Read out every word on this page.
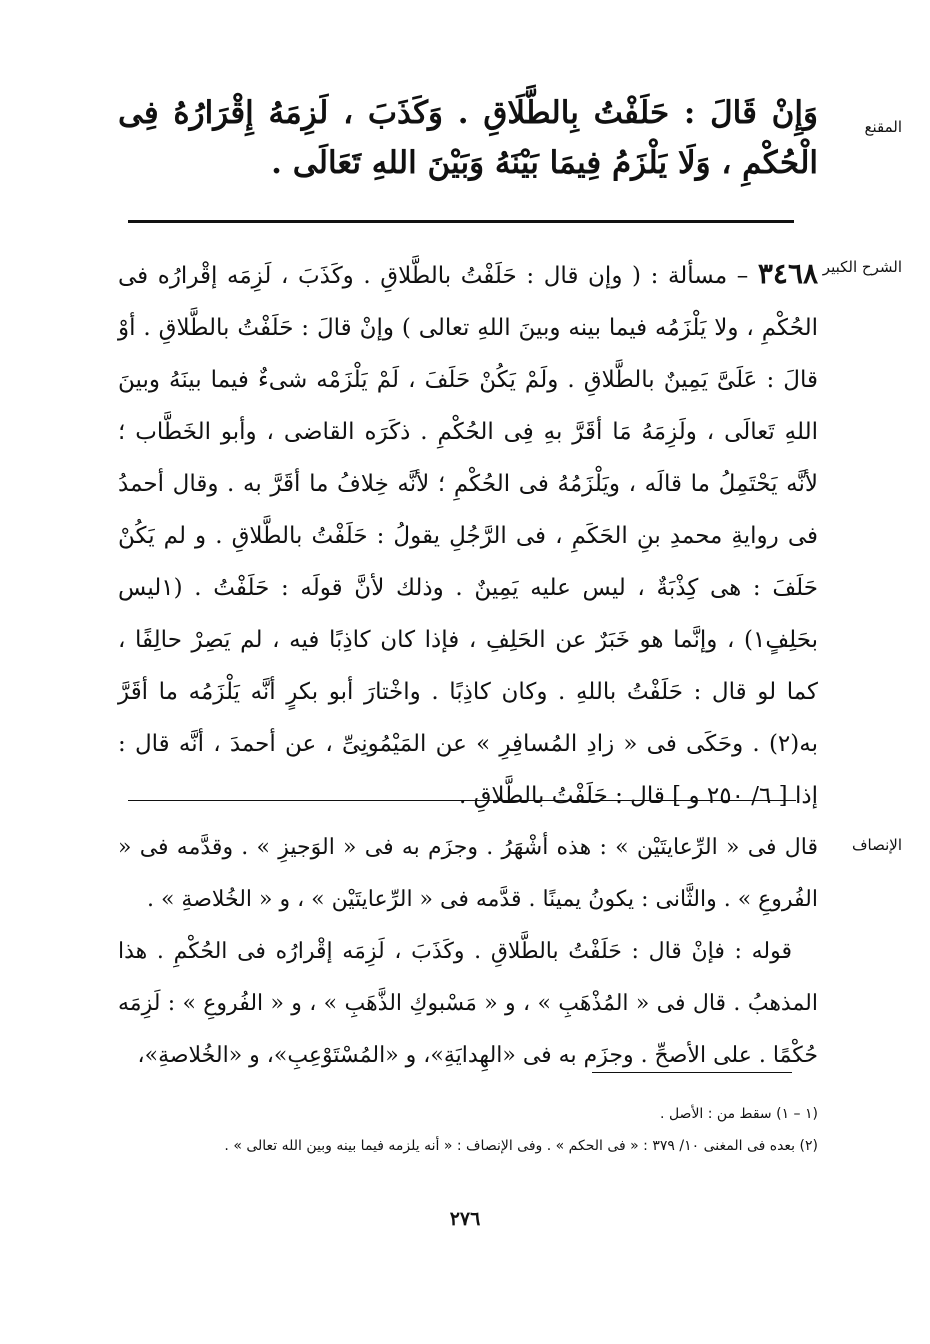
المقنع

وَإِنْ قَالَ : حَلَفْتُ بِالطَّلَاقِ . وَكَذَبَ ، لَزِمَهُ إِقْرَارُهُ فِى الْحُكْمِ ، وَلَا يَلْزَمُ فِيمَا بَيْنَهُ وَبَيْنَ اللهِ تَعَالَى .

الشرح الكبير

٣٤٦٨ – مسألة : ( وإن قال : حَلَفْتُ بالطَّلاقِ . وكَذَبَ ، لَزِمَه إقْرارُه فى الحُكْمِ ، ولا يَلْزَمُه فيما بينه وبينَ اللهِ تعالى ) وإنْ قالَ : حَلَفْتُ بالطَّلاقِ . أوْ قالَ : عَلَىَّ يَمِينٌ بالطَّلاقِ . ولَمْ يَكُنْ حَلَفَ ، لَمْ يَلْزَمْه شىءٌ فيما بينَهُ وبينَ اللهِ تَعالَى ، ولَزِمَهُ مَا أقَرَّ بهِ فِى الحُكْمِ . ذكَرَه القاضى ، وأبو الخَطَّاب ؛ لأنَّه يَحْتَمِلُ ما قالَه ، ويَلْزَمُهُ فى الحُكْمِ ؛ لأنَّه خِلافُ ما أقَرَّ به . وقال أحمدُ فى روايةِ محمدِ بنِ الحَكَمِ ، فى الرَّجُلِ يقولُ : حَلَفْتُ بالطَّلاقِ . و لم يَكُنْ حَلَفَ : هى كِذْبَةٌ ، ليس عليه يَمِينٌ . وذلك لأنَّ قولَه : حَلَفْتُ . (١ليس بحَلِفٍ١) ، وإنَّما هو خَبَرٌ عن الحَلِفِ ، فإذا كان كاذِبًا فيه ، لم يَصِرْ حالِفًا ، كما لو قال : حَلَفْتُ باللهِ . وكان كاذِبًا . واخْتارَ أبو بكرٍ أنَّه يَلْزَمُه ما أقَرَّ به(٢) . وحَكَى فى « زادِ المُسافِرِ » عن المَيْمُونِىِّ ، عن أحمدَ ، أنَّه قال : إذا [ ٦/ ٢٥٠ و ] قال : حَلَفْتُ بالطَّلاقِ .

الإنصاف

قال فى « الرِّعايتَيْن » : هذه أشْهَرُ . وجزَم به فى « الوَجيزِ » . وقدَّمه فى « الفُروعِ » . والثَّانى : يكونُ يمينًا . قدَّمه فى « الرِّعايتَيْن » ، و « الخُلاصةِ » .

قوله : فإنْ قال : حَلَفْتُ بالطَّلاقِ . وكَذَبَ ، لَزِمَه إقْرارُه فى الحُكْمِ . هذا المذهبُ . قال فى « المُذْهَبِ » ، و « مَسْبوكِ الذَّهَبِ » ، و « الفُروعِ » : لَزِمَه حُكْمًا . على الأصحِّ . وجزَم به فى «الهِدايَةِ»، و «المُسْتَوْعِبِ»، و «الخُلاصةِ»،

(١ – ١) سقط من : الأصل .

(٢) بعده فى المغنى ١٠/ ٣٧٩ : « فى الحكم » . وفى الإنصاف : « أنه يلزمه فيما بينه وبين الله تعالى » .

٢٧٦
